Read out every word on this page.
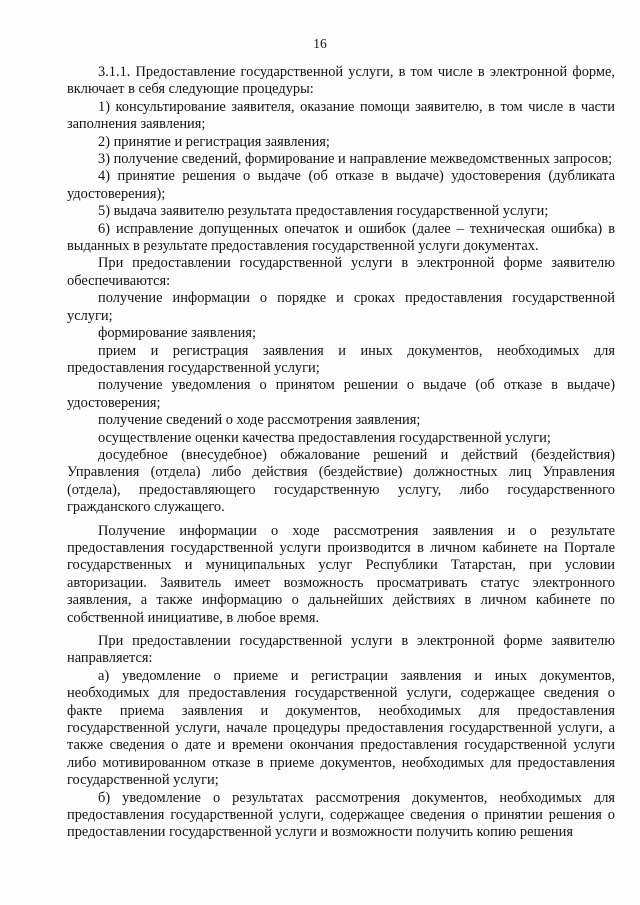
16

3.1.1. Предоставление государственной услуги, в том числе в электронной форме, включает в себя следующие процедуры:

1) консультирование заявителя, оказание помощи заявителю, в том числе в части заполнения заявления;

2) принятие и регистрация заявления;

3) получение сведений, формирование и направление межведомственных запросов;

4) принятие решения о выдаче (об отказе в выдаче) удостоверения (дубликата удостоверения);

5) выдача заявителю результата предоставления государственной услуги;

6) исправление допущенных опечаток и ошибок (далее – техническая ошибка) в выданных в результате предоставления государственной услуги документах.

При предоставлении государственной услуги в электронной форме заявителю обеспечиваются:

получение информации о порядке и сроках предоставления государственной услуги;

формирование заявления;

прием и регистрация заявления и иных документов, необходимых для предоставления государственной услуги;

получение уведомления о принятом решении о выдаче (об отказе в выдаче) удостоверения;

получение сведений о ходе рассмотрения заявления;

осуществление оценки качества предоставления государственной услуги;

досудебное (внесудебное) обжалование решений и действий (бездействия) Управления (отдела) либо действия (бездействие) должностных лиц Управления (отдела), предоставляющего государственную услугу, либо государственного гражданского служащего.

Получение информации о ходе рассмотрения заявления и о результате предоставления государственной услуги производится в личном кабинете на Портале государственных и муниципальных услуг Республики Татарстан, при условии авторизации. Заявитель имеет возможность просматривать статус электронного заявления, а также информацию о дальнейших действиях в личном кабинете по собственной инициативе, в любое время.

При предоставлении государственной услуги в электронной форме заявителю направляется:

а) уведомление о приеме и регистрации заявления и иных документов, необходимых для предоставления государственной услуги, содержащее сведения о факте приема заявления и документов, необходимых для предоставления государственной услуги, начале процедуры предоставления государственной услуги, а также сведения о дате и времени окончания предоставления государственной услуги либо мотивированном отказе в приеме документов, необходимых для предоставления государственной услуги;

б) уведомление о результатах рассмотрения документов, необходимых для предоставления государственной услуги, содержащее сведения о принятии решения о предоставлении государственной услуги и возможности получить копию решения
